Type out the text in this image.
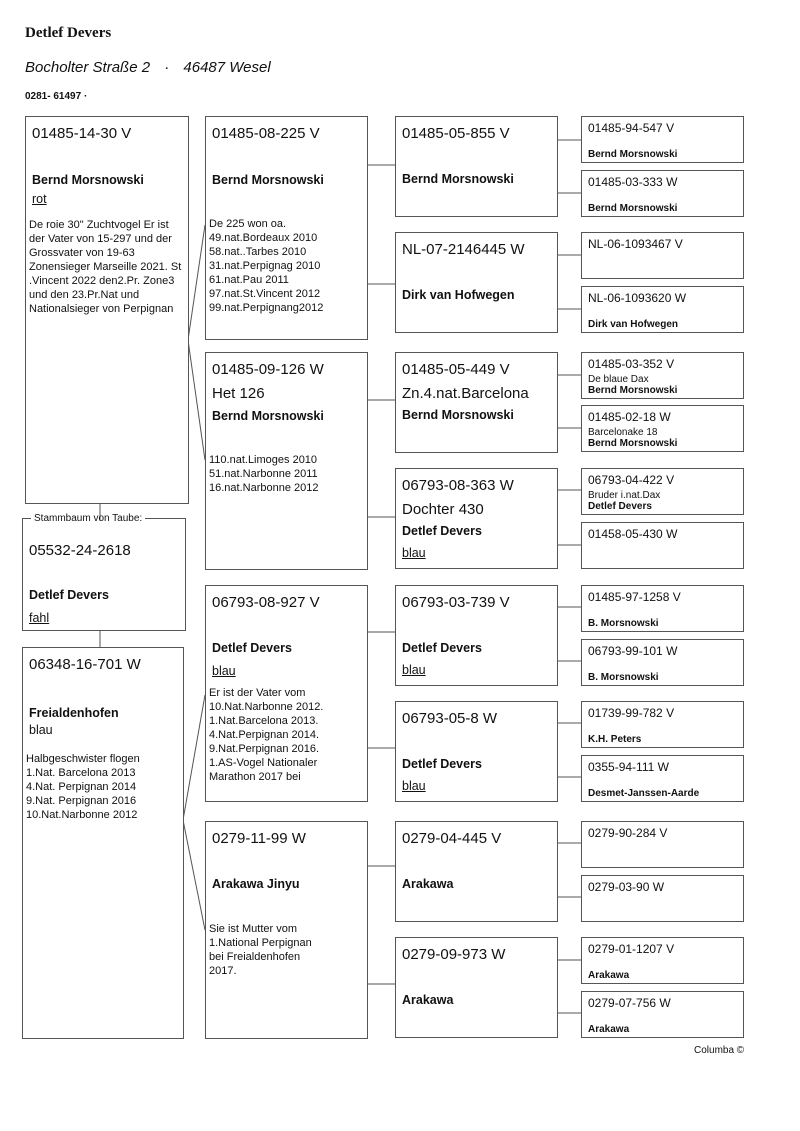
Detlef Devers
Bocholter Straße 2 · 46487 Wesel
0281- 61497 ·
01485-14-30 V
Bernd Morsnowski
rot
De roie 30" Zuchtvogel Er ist der Vater von 15-297 und der Grossvater von 19-63 Zonensieger Marseille 2021. St .Vincent 2022 den2.Pr. Zone3 und den 23.Pr.Nat und Nationalsieger von Perpignan
Stammbaum von Taube:
05532-24-2618
Detlef Devers
fahl
06348-16-701 W
Freialdenhofen
blau
Halbgeschwister flogen
1.Nat. Barcelona 2013
4.Nat. Perpignan 2014
9.Nat. Perpignan 2016
10.Nat.Narbonne 2012
01485-08-225 V
Bernd Morsnowski
De 225 won oa.
49.nat.Bordeaux 2010
58.nat..Tarbes 2010
31.nat.Perpignag 2010
61.nat.Pau 2011
97.nat.St.Vincent 2012
99.nat.Perpignang2012
01485-09-126 W
Het 126
Bernd Morsnowski
110.nat.Limoges 2010
51.nat.Narbonne 2011
16.nat.Narbonne 2012
06793-08-927 V
Detlef Devers
blau
Er ist der Vater vom
10.Nat.Narbonne 2012.
1.Nat.Barcelona 2013.
4.Nat.Perpignan 2014.
9.Nat.Perpignan 2016.
1.AS-Vogel Nationaler
Marathon 2017 bei
0279-11-99 W
Arakawa Jinyu
Sie ist Mutter vom
1.National Perpignan
bei Freialdenhofen
2017.
01485-05-855 V
Bernd Morsnowski
NL-07-2146445 W
Dirk van Hofwegen
01485-05-449 V
Zn.4.nat.Barcelona
Bernd Morsnowski
06793-08-363 W
Dochter 430
Detlef Devers
blau
06793-03-739 V
Detlef Devers
blau
06793-05-8 W
Detlef Devers
blau
0279-04-445 V
Arakawa
0279-09-973 W
Arakawa
01485-94-547 V
Bernd Morsnowski
01485-03-333 W
Bernd Morsnowski
NL-06-1093467 V
NL-06-1093620 W
Dirk van Hofwegen
01485-03-352 V
De blaue Dax
Bernd Morsnowski
01485-02-18 W
Barcelonake 18
Bernd Morsnowski
06793-04-422 V
Bruder i.nat.Dax
Detlef Devers
01458-05-430 W
01485-97-1258 V
B. Morsnowski
06793-99-101 W
B. Morsnowski
01739-99-782 V
K.H. Peters
0355-94-111 W
Desmet-Janssen-Aarde
0279-90-284 V
0279-03-90 W
0279-01-1207 V
Arakawa
0279-07-756 W
Arakawa
Columba ©
